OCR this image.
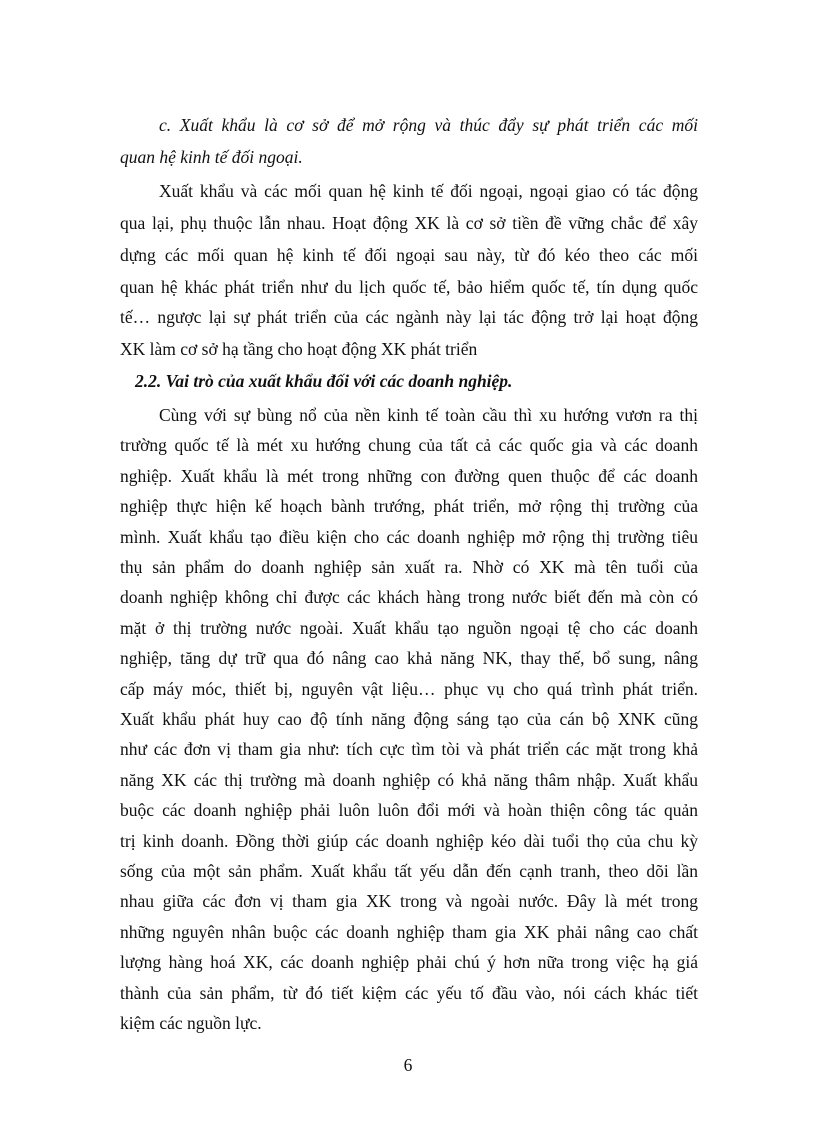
c. Xuất khẩu là cơ sở để mở rộng và thúc đẩy sự phát triển các mối
quan hệ kinh tế đối ngoại.
Xuất khẩu và các mối quan hệ kinh tế đối ngoại, ngoại giao có tác động
qua lại, phụ thuộc lẫn nhau. Hoạt động XK là cơ sở tiền đề vững chắc để xây
dựng các mối quan hệ kinh tế đối ngoại sau này, từ đó kéo theo các mối
quan hệ khác phát triển như du lịch quốc tế, bảo hiểm quốc tế, tín dụng quốc
tế… ngược lại sự phát triển của các ngành này lại tác động trở lại hoạt động
XK làm cơ sở hạ tầng cho hoạt động XK phát triển
2.2. Vai trò của xuất khẩu đối với các doanh nghiệp.
Cùng với sự bùng nổ của nền kinh tế toàn cầu thì xu hướng vươn ra thị
trường quốc tế là mét xu hướng chung của tất cả các quốc gia và các doanh
nghiệp. Xuất khẩu là mét trong những con đường quen thuộc để các doanh
nghiệp thực hiện kế hoạch bành trướng, phát triển, mở rộng thị trường của
mình. Xuất khẩu tạo điều kiện cho các doanh nghiệp mở rộng thị trường tiêu
thụ sản phẩm do doanh nghiệp sản xuất ra. Nhờ có XK mà tên tuổi của
doanh nghiệp không chỉ được các khách hàng trong nước biết đến mà còn có
mặt ở thị trường nước ngoài. Xuất khẩu tạo nguồn ngoại tệ cho các doanh
nghiệp, tăng dự trữ qua đó nâng cao khả năng NK, thay thế, bổ sung, nâng
cấp máy móc, thiết bị, nguyên vật liệu… phục vụ cho quá trình phát triển.
Xuất khẩu phát huy cao độ tính năng động sáng tạo của cán bộ XNK cũng
như các đơn vị tham gia như: tích cực tìm tòi và phát triển các mặt trong khả
năng XK các thị trường mà doanh nghiệp có khả năng thâm nhập. Xuất khẩu
buộc các doanh nghiệp phải luôn luôn đổi mới và hoàn thiện công tác quản
trị kinh doanh. Đồng thời giúp các doanh nghiệp kéo dài tuổi thọ của chu kỳ
sống của một sản phẩm. Xuất khẩu tất yếu dẫn đến cạnh tranh, theo dõi lần
nhau giữa các đơn vị tham gia XK trong và ngoài nước. Đây là mét trong
những nguyên nhân buộc các doanh nghiệp tham gia XK phải nâng cao chất
lượng hàng hoá XK, các doanh nghiệp phải chú ý hơn nữa trong việc hạ giá
thành của sản phẩm, từ đó tiết kiệm các yếu tố đầu vào, nói cách khác tiết
6
kiệm các nguồn lực.
